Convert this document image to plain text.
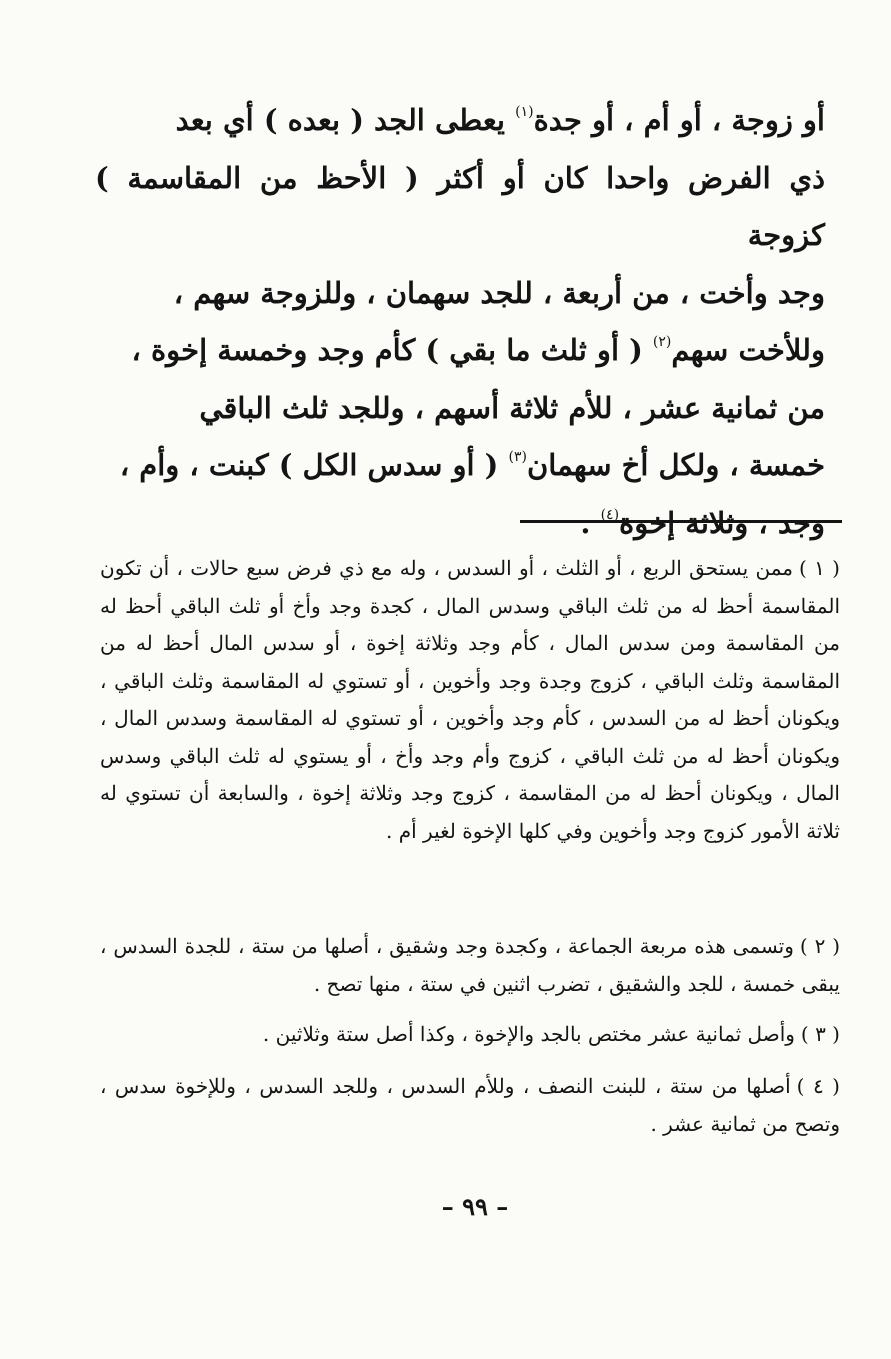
أو زوجة ، أو أم ، أو جدة$^{(١)}$ يعطى الجد ( بعده ) أي بعد

ذي الفرض واحدا كان أو أكثر ( الأحظ من المقاسمة ) كزوجة

وجد وأخت ، من أربعة ، للجد سهمان ، وللزوجة سهم ،

وللأخت سهم$^{(٢)}$ ( أو ثلث ما بقي ) كأم وجد وخمسة إخوة ،

من ثمانية عشر ، للأم ثلاثة أسهم ، وللجد ثلث الباقي

خمسة ، ولكل أخ سهمان$^{(٣)}$ ( أو سدس الكل ) كبنت ، وأم ،

وجد ، وثلاثة إخوة$^{(٤)}$ .

( ١ )ممن يستحق الربع ، أو الثلث ، أو السدس ، وله مع ذي فرض سبع حالات ، أن تكون المقاسمة أحظ له من ثلث الباقي وسدس المال ، كجدة وجد وأخ أو ثلث الباقي أحظ له من المقاسمة ومن سدس المال ، كأم وجد وثلاثة إخوة ، أو سدس المال أحظ له من المقاسمة وثلث الباقي ، كزوج وجدة وجد وأخوين ، أو تستوي له المقاسمة وثلث الباقي ، ويكونان أحظ له من السدس ، كأم وجد وأخوين ، أو تستوي له المقاسمة وسدس المال ، ويكونان أحظ له من ثلث الباقي ، كزوج وأم وجد وأخ ، أو يستوي له ثلث الباقي وسدس المال ، ويكونان أحظ له من المقاسمة ، كزوج وجد وثلاثة إخوة ، والسابعة أن تستوي له ثلاثة الأمور كزوج وجد وأخوين وفي كلها الإخوة لغير أم .

( ٢ )وتسمى هذه مربعة الجماعة ، وكجدة وجد وشقيق ، أصلها من ستة ، للجدة السدس ، يبقى خمسة ، للجد والشقيق ، تضرب اثنين في ستة ، منها تصح .

( ٣ )وأصل ثمانية عشر مختص بالجد والإخوة ، وكذا أصل ستة وثلاثين .

( ٤ )أصلها من ستة ، للبنت النصف ، وللأم السدس ، وللجد السدس ، وللإخوة سدس ، وتصح من ثمانية عشر .

– ٩٩ –
